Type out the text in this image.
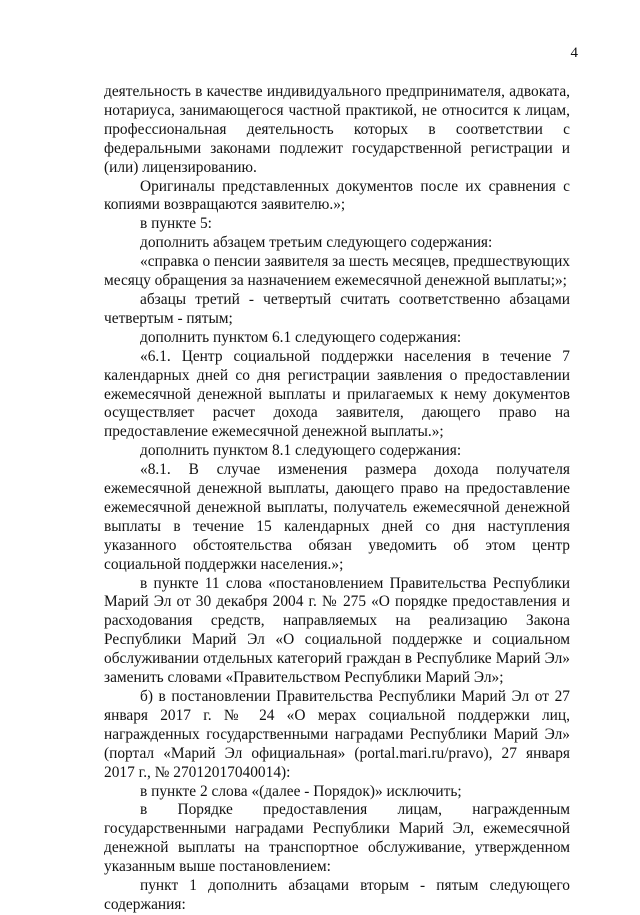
4

деятельность в качестве индивидуального предпринимателя, адвоката, нотариуса, занимающегося частной практикой, не относится к лицам, профессиональная деятельность которых в соответствии с федеральными законами подлежит государственной регистрации и (или) лицензированию.

Оригиналы представленных документов после их сравнения с копиями возвращаются заявителю.»;

в пункте 5:

дополнить абзацем третьим следующего содержания:

«справка о пенсии заявителя за шесть месяцев, предшествующих месяцу обращения за назначением ежемесячной денежной выплаты;»;

абзацы третий - четвертый считать соответственно абзацами четвертым - пятым;

дополнить пунктом 6.1 следующего содержания:

«6.1. Центр социальной поддержки населения в течение 7 календарных дней со дня регистрации заявления о предоставлении ежемесячной денежной выплаты и прилагаемых к нему документов осуществляет расчет дохода заявителя, дающего право на предоставление ежемесячной денежной выплаты.»;

дополнить пунктом 8.1 следующего содержания:

«8.1. В случае изменения размера дохода получателя ежемесячной денежной выплаты, дающего право на предоставление ежемесячной денежной выплаты, получатель ежемесячной денежной выплаты в течение 15 календарных дней со дня наступления указанного обстоятельства обязан уведомить об этом центр социальной поддержки населения.»;

в пункте 11 слова «постановлением Правительства Республики Марий Эл от 30 декабря 2004 г. № 275 «О порядке предоставления и расходования средств, направляемых на реализацию Закона Республики Марий Эл «О социальной поддержке и социальном обслуживании отдельных категорий граждан в Республике Марий Эл» заменить словами «Правительством Республики Марий Эл»;

б) в постановлении Правительства Республики Марий Эл от 27 января 2017 г. № 24 «О мерах социальной поддержки лиц, награжденных государственными наградами Республики Марий Эл» (портал «Марий Эл официальная» (portal.mari.ru/pravo), 27 января 2017 г., № 27012017040014):

в пункте 2 слова «(далее - Порядок)» исключить;

в Порядке предоставления лицам, награжденным государственными наградами Республики Марий Эл, ежемесячной денежной выплаты на транспортное обслуживание, утвержденном указанным выше постановлением:

пункт 1 дополнить абзацами вторым - пятым следующего содержания:
